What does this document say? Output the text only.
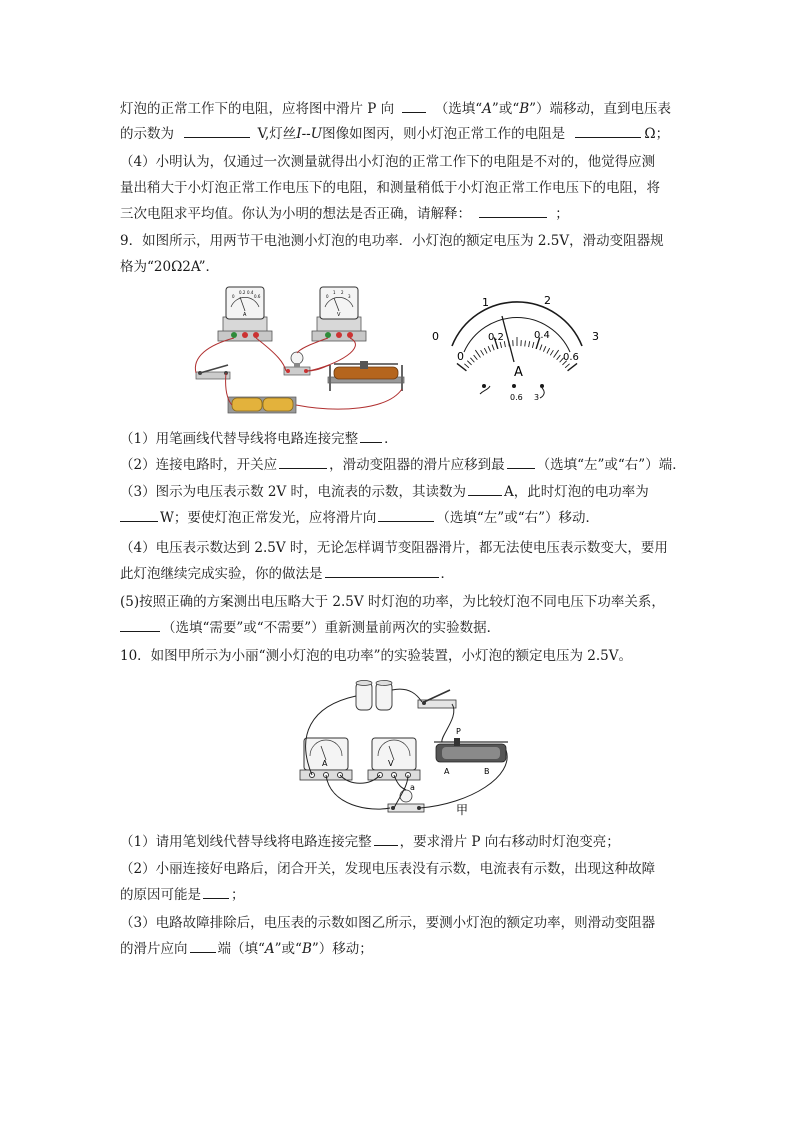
灯泡的正常工作下的电阻，应将图中滑片 P 向	（选填“A”或“B”）端移动，直到电压表
的示数为	V,灯丝I--U图像如图丙，则小灯泡正常工作的电阻是	Ω；
（4）小明认为，仅通过一次测量就得出小灯泡的正常工作下的电阻是不对的，他觉得应测
量出稍大于小灯泡正常工作电压下的电阻，和测量稍低于小灯泡正常工作电压下的电阻，将
三次电阻求平均值。你认为小明的想法是否正确，请解释：	；
9．如图所示，用两节干电池测小灯泡的电功率．小灯泡的额定电压为 2.5V，滑动变阻器规
格为“20Ω2A”．
0
0.2 0.4
0.6
A
0
1 2
3
V
0
1	2
3
0
0.2	0.4
0.6
A
0.6 3
（1）用笔画线代替导线将电路连接完整 ．
（2）连接电路时，开关应	，滑动变阻器的滑片应移到最 （选填“左”或“右”）端．
（3）图示为电压表示数 2V 时，电流表的示数，其读数为	A，此时灯泡的电功率为
W；要使灯泡正常发光，应将滑片向	（选填“左”或“右”）移动．
（4）电压表示数达到 2.5V 时，无论怎样调节变阻器滑片，都无法使电压表示数变大，要用
此灯泡继续完成实验，你的做法是	．
(5)按照正确的方案测出电压略大于 2.5V 时灯泡的功率，为比较灯泡不同电压下功率关系，
（选填“需要”或“不需要”）重新测量前两次的实验数据．
10．如图甲所示为小丽“测小灯泡的电功率”的实验装置，小灯泡的额定电压为 2.5V。
A	V
P
A	B
a
甲
（1）请用笔划线代替导线将电路连接完整 ，要求滑片 P 向右移动时灯泡变亮；
（2）小丽连接好电路后，闭合开关，发现电压表没有示数，电流表有示数，出现这种故障
的原因可能是 ；
（3）电路故障排除后，电压表的示数如图乙所示，要测小灯泡的额定功率，则滑动变阻器
的滑片应向 端（填“A”或“B”）移动；
